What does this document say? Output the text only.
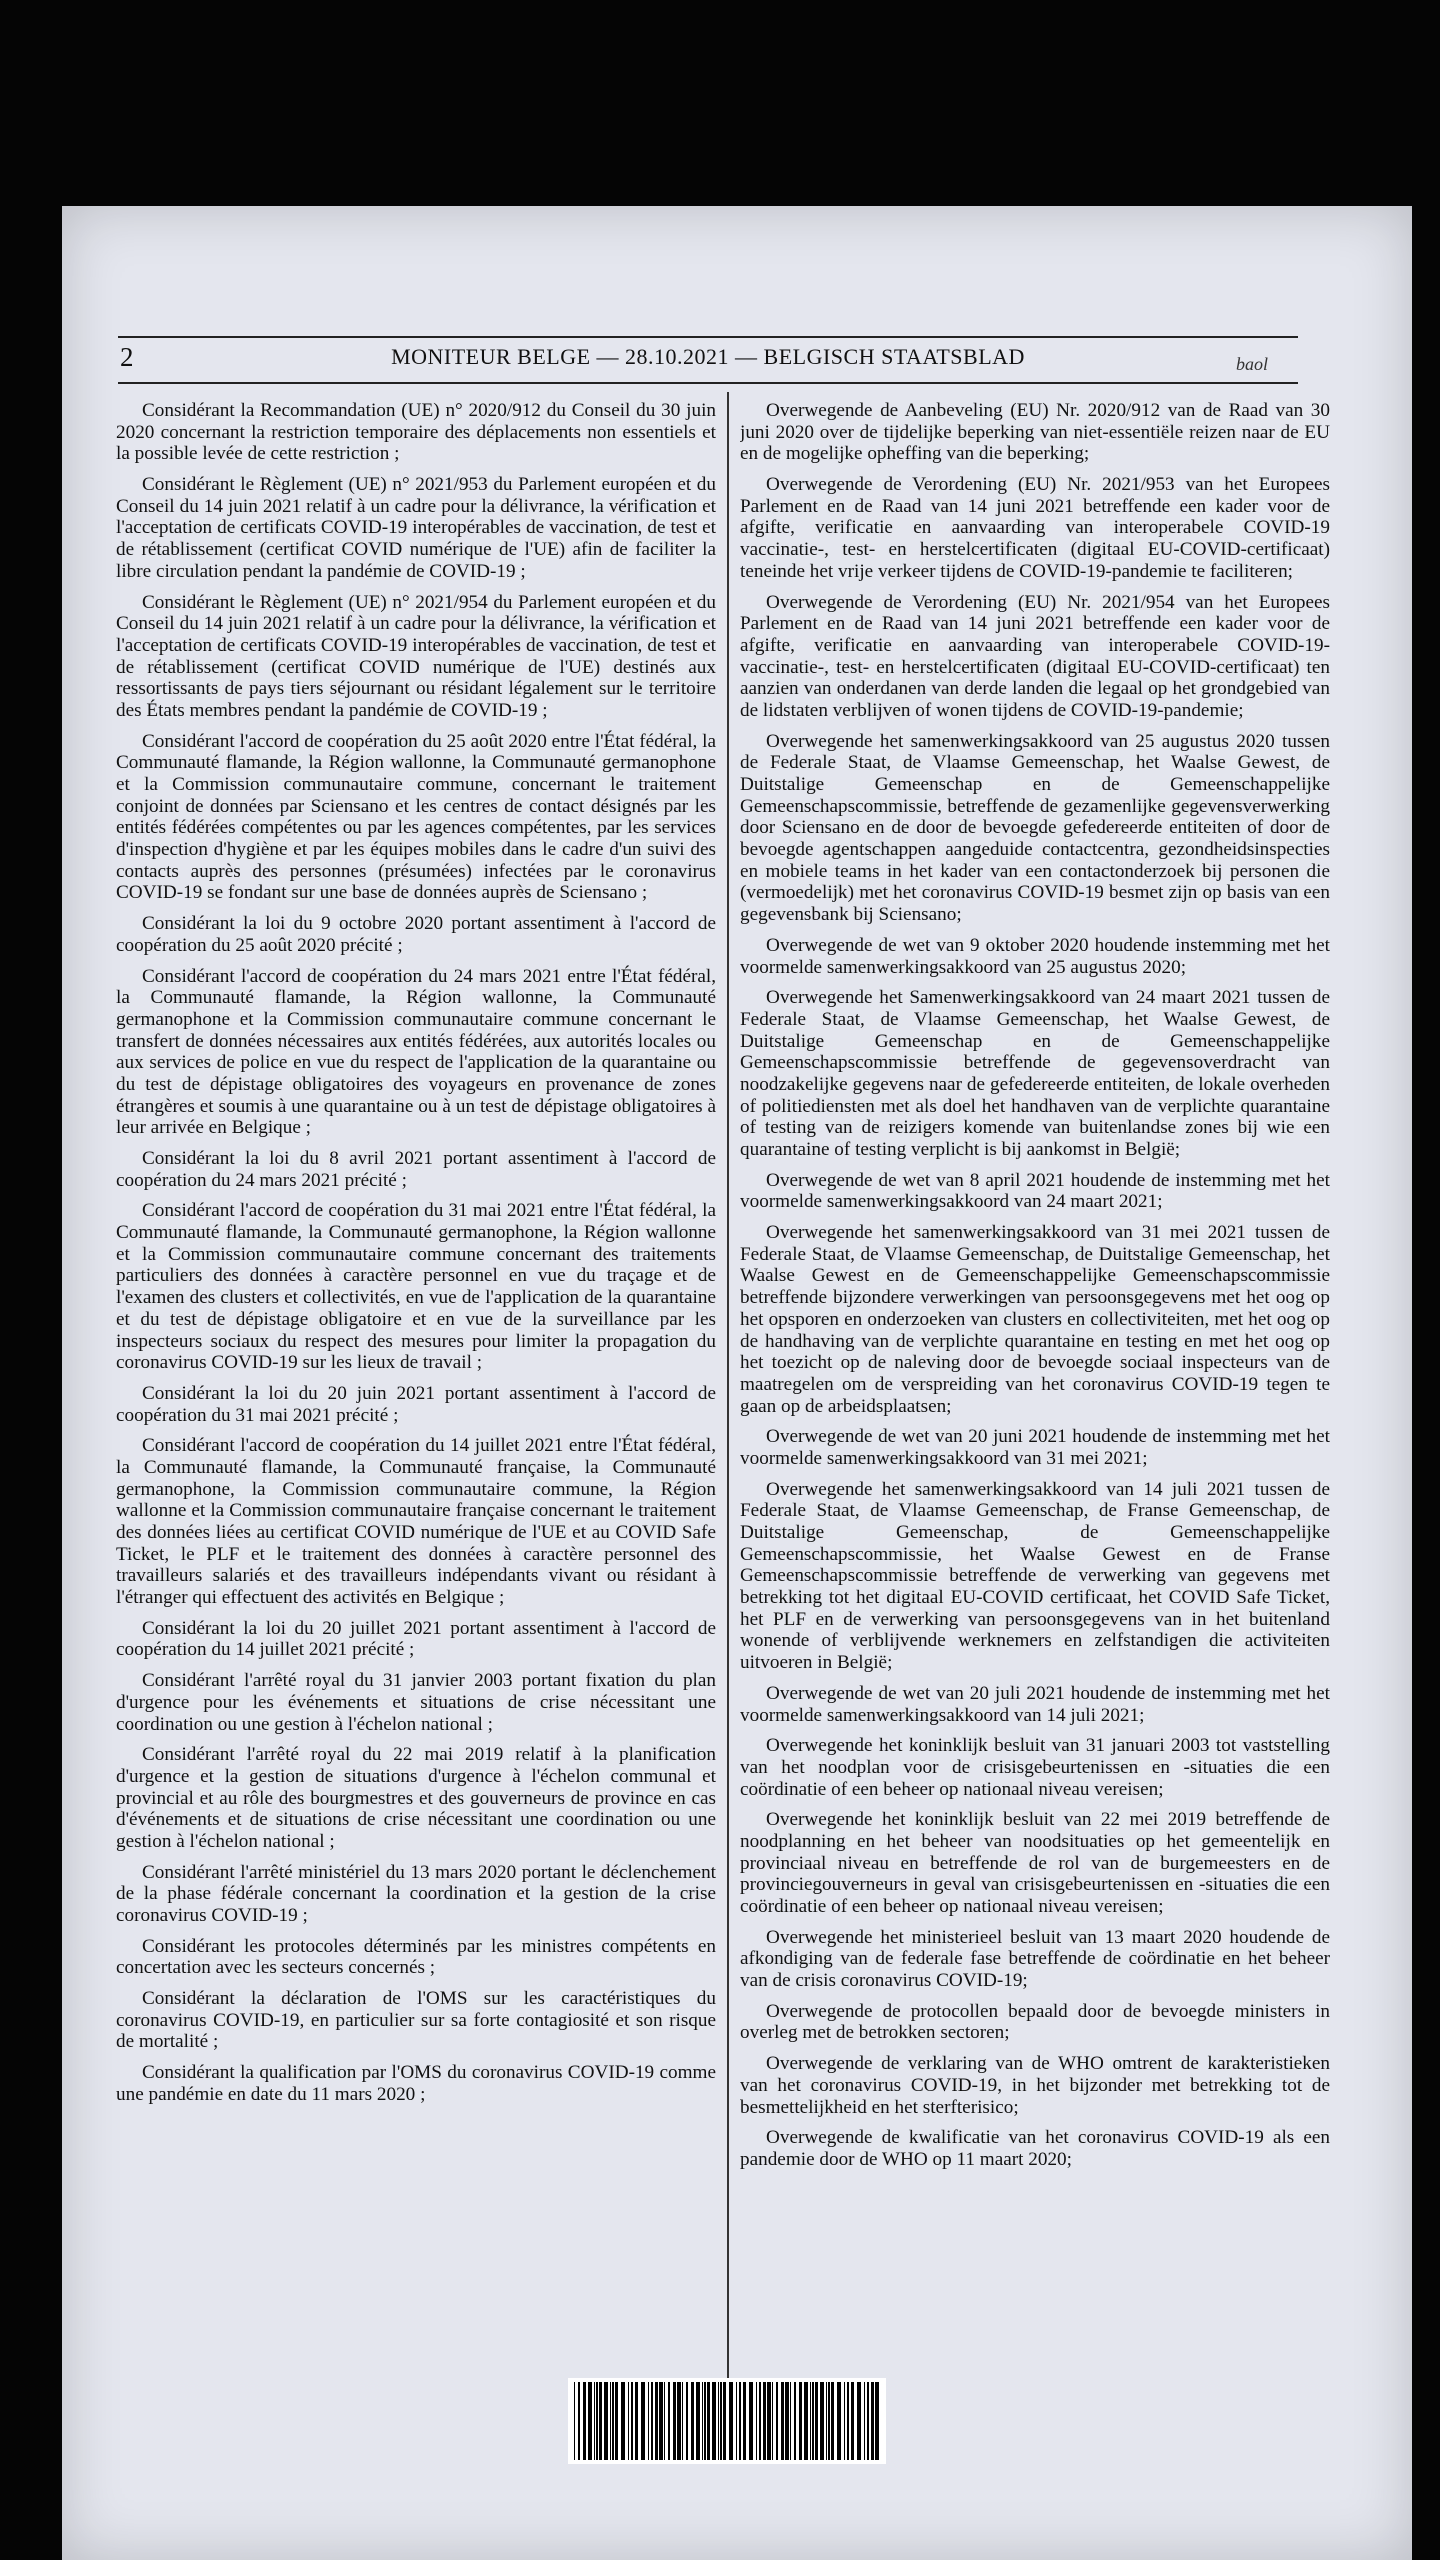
2	MONITEUR BELGE — 28.10.2021 — BELGISCH STAATSBLAD	baol

Considérant la Recommandation (UE) n° 2020/912 du Conseil du 30 juin 2020 concernant la restriction temporaire des déplacements non essentiels et la possible levée de cette restriction ;

Considérant le Règlement (UE) n° 2021/953 du Parlement européen et du Conseil du 14 juin 2021 relatif à un cadre pour la délivrance, la vérification et l'acceptation de certificats COVID-19 interopérables de vaccination, de test et de rétablissement (certificat COVID numérique de l'UE) afin de faciliter la libre circulation pendant la pandémie de COVID-19 ;

Considérant le Règlement (UE) n° 2021/954 du Parlement européen et du Conseil du 14 juin 2021 relatif à un cadre pour la délivrance, la vérification et l'acceptation de certificats COVID-19 interopérables de vaccination, de test et de rétablissement (certificat COVID numérique de l'UE) destinés aux ressortissants de pays tiers séjournant ou résidant légalement sur le territoire des États membres pendant la pandémie de COVID-19 ;

Considérant l'accord de coopération du 25 août 2020 entre l'État fédéral, la Communauté flamande, la Région wallonne, la Communauté germanophone et la Commission communautaire commune, concernant le traitement conjoint de données par Sciensano et les centres de contact désignés par les entités fédérées compétentes ou par les agences compétentes, par les services d'inspection d'hygiène et par les équipes mobiles dans le cadre d'un suivi des contacts auprès des personnes (présumées) infectées par le coronavirus COVID-19 se fondant sur une base de données auprès de Sciensano ;

Considérant la loi du 9 octobre 2020 portant assentiment à l'accord de coopération du 25 août 2020 précité ;

Considérant l'accord de coopération du 24 mars 2021 entre l'État fédéral, la Communauté flamande, la Région wallonne, la Communauté germanophone et la Commission communautaire commune concernant le transfert de données nécessaires aux entités fédérées, aux autorités locales ou aux services de police en vue du respect de l'application de la quarantaine ou du test de dépistage obligatoires des voyageurs en provenance de zones étrangères et soumis à une quarantaine ou à un test de dépistage obligatoires à leur arrivée en Belgique ;

Considérant la loi du 8 avril 2021 portant assentiment à l'accord de coopération du 24 mars 2021 précité ;

Considérant l'accord de coopération du 31 mai 2021 entre l'État fédéral, la Communauté flamande, la Communauté germanophone, la Région wallonne et la Commission communautaire commune concernant des traitements particuliers des données à caractère personnel en vue du traçage et de l'examen des clusters et collectivités, en vue de l'application de la quarantaine et du test de dépistage obligatoire et en vue de la surveillance par les inspecteurs sociaux du respect des mesures pour limiter la propagation du coronavirus COVID-19 sur les lieux de travail ;

Considérant la loi du 20 juin 2021 portant assentiment à l'accord de coopération du 31 mai 2021 précité ;

Considérant l'accord de coopération du 14 juillet 2021 entre l'État fédéral, la Communauté flamande, la Communauté française, la Communauté germanophone, la Commission communautaire commune, la Région wallonne et la Commission communautaire française concernant le traitement des données liées au certificat COVID numérique de l'UE et au COVID Safe Ticket, le PLF et le traitement des données à caractère personnel des travailleurs salariés et des travailleurs indépendants vivant ou résidant à l'étranger qui effectuent des activités en Belgique ;

Considérant la loi du 20 juillet 2021 portant assentiment à l'accord de coopération du 14 juillet 2021 précité ;

Considérant l'arrêté royal du 31 janvier 2003 portant fixation du plan d'urgence pour les événements et situations de crise nécessitant une coordination ou une gestion à l'échelon national ;

Considérant l'arrêté royal du 22 mai 2019 relatif à la planification d'urgence et la gestion de situations d'urgence à l'échelon communal et provincial et au rôle des bourgmestres et des gouverneurs de province en cas d'événements et de situations de crise nécessitant une coordination ou une gestion à l'échelon national ;

Considérant l'arrêté ministériel du 13 mars 2020 portant le déclenchement de la phase fédérale concernant la coordination et la gestion de la crise coronavirus COVID-19 ;

Considérant les protocoles déterminés par les ministres compétents en concertation avec les secteurs concernés ;

Considérant la déclaration de l'OMS sur les caractéristiques du coronavirus COVID-19, en particulier sur sa forte contagiosité et son risque de mortalité ;

Considérant la qualification par l'OMS du coronavirus COVID-19 comme une pandémie en date du 11 mars 2020 ;

Overwegende de Aanbeveling (EU) Nr. 2020/912 van de Raad van 30 juni 2020 over de tijdelijke beperking van niet-essentiële reizen naar de EU en de mogelijke opheffing van die beperking;

Overwegende de Verordening (EU) Nr. 2021/953 van het Europees Parlement en de Raad van 14 juni 2021 betreffende een kader voor de afgifte, verificatie en aanvaarding van interoperabele COVID-19 vaccinatie-, test- en herstelcertificaten (digitaal EU-COVID-certificaat) teneinde het vrije verkeer tijdens de COVID-19-pandemie te faciliteren;

Overwegende de Verordening (EU) Nr. 2021/954 van het Europees Parlement en de Raad van 14 juni 2021 betreffende een kader voor de afgifte, verificatie en aanvaarding van interoperabele COVID-19-vaccinatie-, test- en herstelcertificaten (digitaal EU-COVID-certificaat) ten aanzien van onderdanen van derde landen die legaal op het grondgebied van de lidstaten verblijven of wonen tijdens de COVID-19-pandemie;

Overwegende het samenwerkingsakkoord van 25 augustus 2020 tussen de Federale Staat, de Vlaamse Gemeenschap, het Waalse Gewest, de Duitstalige Gemeenschap en de Gemeenschappelijke Gemeenschapscommissie, betreffende de gezamenlijke gegevensverwerking door Sciensano en de door de bevoegde gefedereerde entiteiten of door de bevoegde agentschappen aangeduide contactcentra, gezondheidsinspecties en mobiele teams in het kader van een contactonderzoek bij personen die (vermoedelijk) met het coronavirus COVID-19 besmet zijn op basis van een gegevensbank bij Sciensano;

Overwegende de wet van 9 oktober 2020 houdende instemming met het voormelde samenwerkingsakkoord van 25 augustus 2020;

Overwegende het Samenwerkingsakkoord van 24 maart 2021 tussen de Federale Staat, de Vlaamse Gemeenschap, het Waalse Gewest, de Duitstalige Gemeenschap en de Gemeenschappelijke Gemeenschapscommissie betreffende de gegevensoverdracht van noodzakelijke gegevens naar de gefedereerde entiteiten, de lokale overheden of politiediensten met als doel het handhaven van de verplichte quarantaine of testing van de reizigers komende van buitenlandse zones bij wie een quarantaine of testing verplicht is bij aankomst in België;

Overwegende de wet van 8 april 2021 houdende de instemming met het voormelde samenwerkingsakkoord van 24 maart 2021;

Overwegende het samenwerkingsakkoord van 31 mei 2021 tussen de Federale Staat, de Vlaamse Gemeenschap, de Duitstalige Gemeenschap, het Waalse Gewest en de Gemeenschappelijke Gemeenschapscommissie betreffende bijzondere verwerkingen van persoonsgegevens met het oog op het opsporen en onderzoeken van clusters en collectiviteiten, met het oog op de handhaving van de verplichte quarantaine en testing en met het oog op het toezicht op de naleving door de bevoegde sociaal inspecteurs van de maatregelen om de verspreiding van het coronavirus COVID-19 tegen te gaan op de arbeidsplaatsen;

Overwegende de wet van 20 juni 2021 houdende de instemming met het voormelde samenwerkingsakkoord van 31 mei 2021;

Overwegende het samenwerkingsakkoord van 14 juli 2021 tussen de Federale Staat, de Vlaamse Gemeenschap, de Franse Gemeenschap, de Duitstalige Gemeenschap, de Gemeenschappelijke Gemeenschapscommissie, het Waalse Gewest en de Franse Gemeenschapscommissie betreffende de verwerking van gegevens met betrekking tot het digitaal EU-COVID certificaat, het COVID Safe Ticket, het PLF en de verwerking van persoonsgegevens van in het buitenland wonende of verblijvende werknemers en zelfstandigen die activiteiten uitvoeren in België;

Overwegende de wet van 20 juli 2021 houdende de instemming met het voormelde samenwerkingsakkoord van 14 juli 2021;

Overwegende het koninklijk besluit van 31 januari 2003 tot vaststelling van het noodplan voor de crisisgebeurtenissen en -situaties die een coördinatie of een beheer op nationaal niveau vereisen;

Overwegende het koninklijk besluit van 22 mei 2019 betreffende de noodplanning en het beheer van noodsituaties op het gemeentelijk en provinciaal niveau en betreffende de rol van de burgemeesters en de provinciegouverneurs in geval van crisisgebeurtenissen en -situaties die een coördinatie of een beheer op nationaal niveau vereisen;

Overwegende het ministerieel besluit van 13 maart 2020 houdende de afkondiging van de federale fase betreffende de coördinatie en het beheer van de crisis coronavirus COVID-19;

Overwegende de protocollen bepaald door de bevoegde ministers in overleg met de betrokken sectoren;

Overwegende de verklaring van de WHO omtrent de karakteristieken van het coronavirus COVID-19, in het bijzonder met betrekking tot de besmettelijkheid en het sterfterisico;

Overwegende de kwalificatie van het coronavirus COVID-19 als een pandemie door de WHO op 11 maart 2020;
